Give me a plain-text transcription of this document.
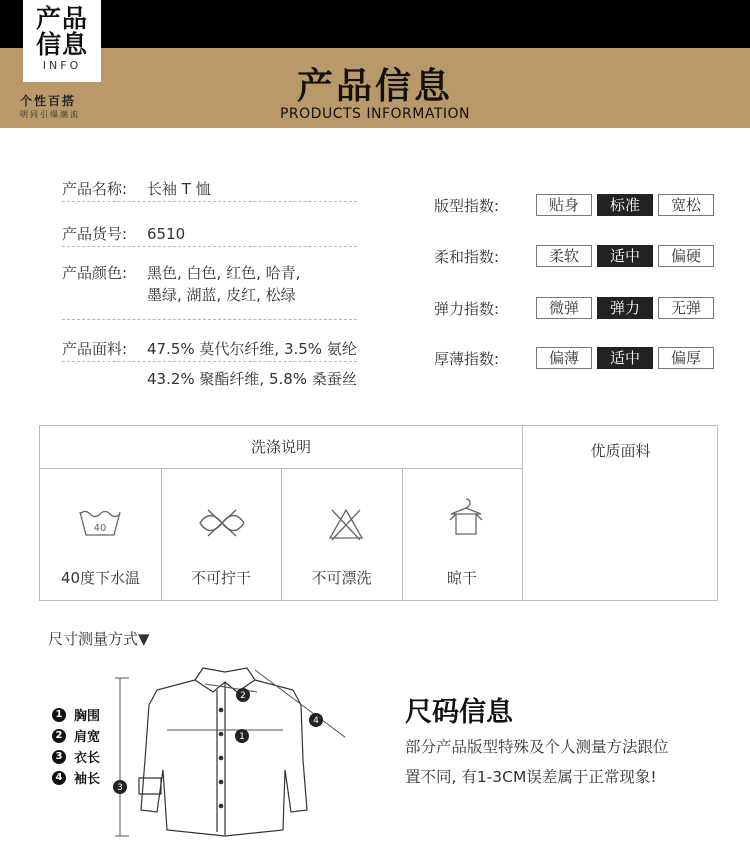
产品
信息
INFO
个性百搭
明同引爆潮流
产品信息
PRODUCTS INFORMATION
产品名称: 长袖 T 恤
产品货号: 6510
产品颜色: 黑色, 白色, 红色, 哈青,
墨绿, 湖蓝, 皮红, 松绿
产品面料: 47.5% 莫代尔纤维, 3.5% 氨纶
43.2% 聚酯纤维, 5.8% 桑蚕丝
版型指数:	贴身	标准	宽松
柔和指数:	柔软	适中	偏硬
弹力指数:	微弹	弹力	无弹
厚薄指数:	偏薄	适中	偏厚
洗涤说明	优质面料
40
40度下水温	不可拧干	不可漂洗	晾干
尺寸测量方式▼
1 胸围
2 肩宽
3 衣长
4 袖长
1
2
3
4	尺码信息
部分产品版型特殊及个人测量方法跟位
置不同, 有1-3CM误差属于正常现象!
